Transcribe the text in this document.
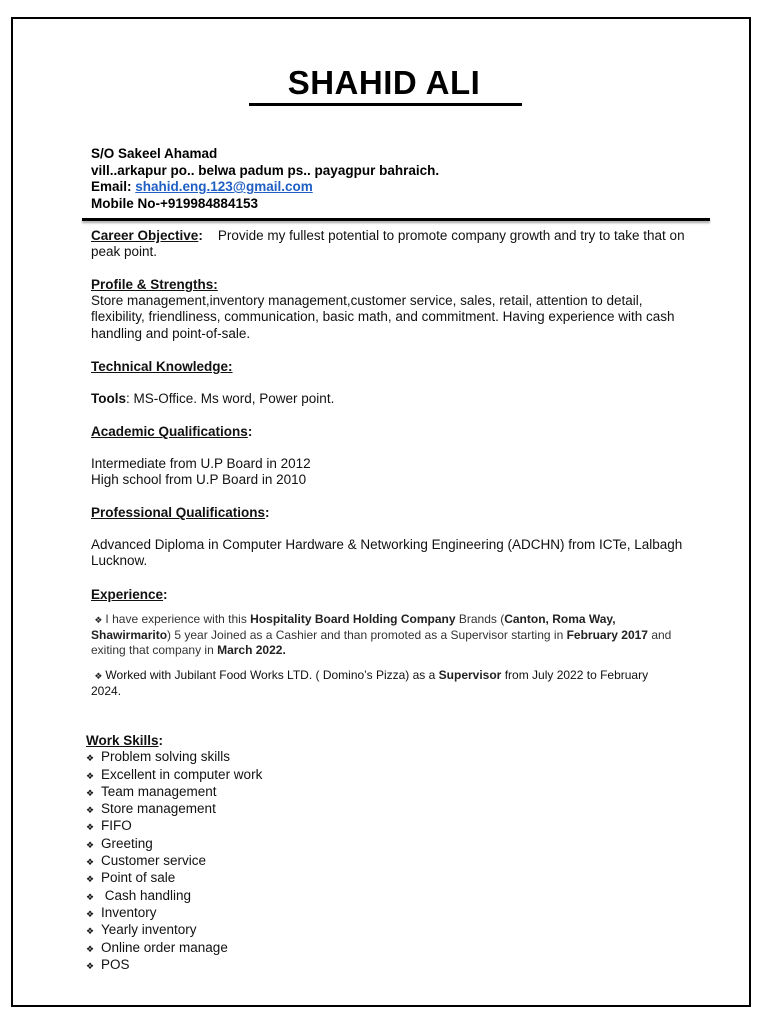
SHAHID ALI
S/O Sakeel Ahamad
vill..arkapur po.. belwa padum ps.. payagpur bahraich.
Email: shahid.eng.123@gmail.com
Mobile No-+919984884153
Career Objective: Provide my fullest potential to promote company growth and try to take that on peak point.
Profile & Strengths:
Store management,inventory management,customer service, sales, retail, attention to detail, flexibility, friendliness, communication, basic math, and commitment. Having experience with cash handling and point-of-sale.
Technical Knowledge:
Tools: MS-Office. Ms word, Power point.
Academic Qualifications:
Intermediate from U.P Board in 2012
High school from U.P Board in 2010
Professional Qualifications:
Advanced Diploma in Computer Hardware & Networking Engineering (ADCHN) from ICTe, Lalbagh Lucknow.
Experience:
❖ I have experience with this Hospitality Board Holding Company Brands (Canton, Roma Way, Shawirmarito) 5 year Joined as a Cashier and than promoted as a Supervisor starting in February 2017 and exiting that company in March 2022.
❖ Worked with Jubilant Food Works LTD. ( Domino’s Pizza) as a Supervisor from July 2022 to February 2024.
Work Skills:
❖ Problem solving skills
❖ Excellent in computer work
❖ Team management
❖ Store management
❖ FIFO
❖ Greeting
❖ Customer service
❖ Point of sale
❖ Cash handling
❖ Inventory
❖ Yearly inventory
❖ Online order manage
❖ POS
